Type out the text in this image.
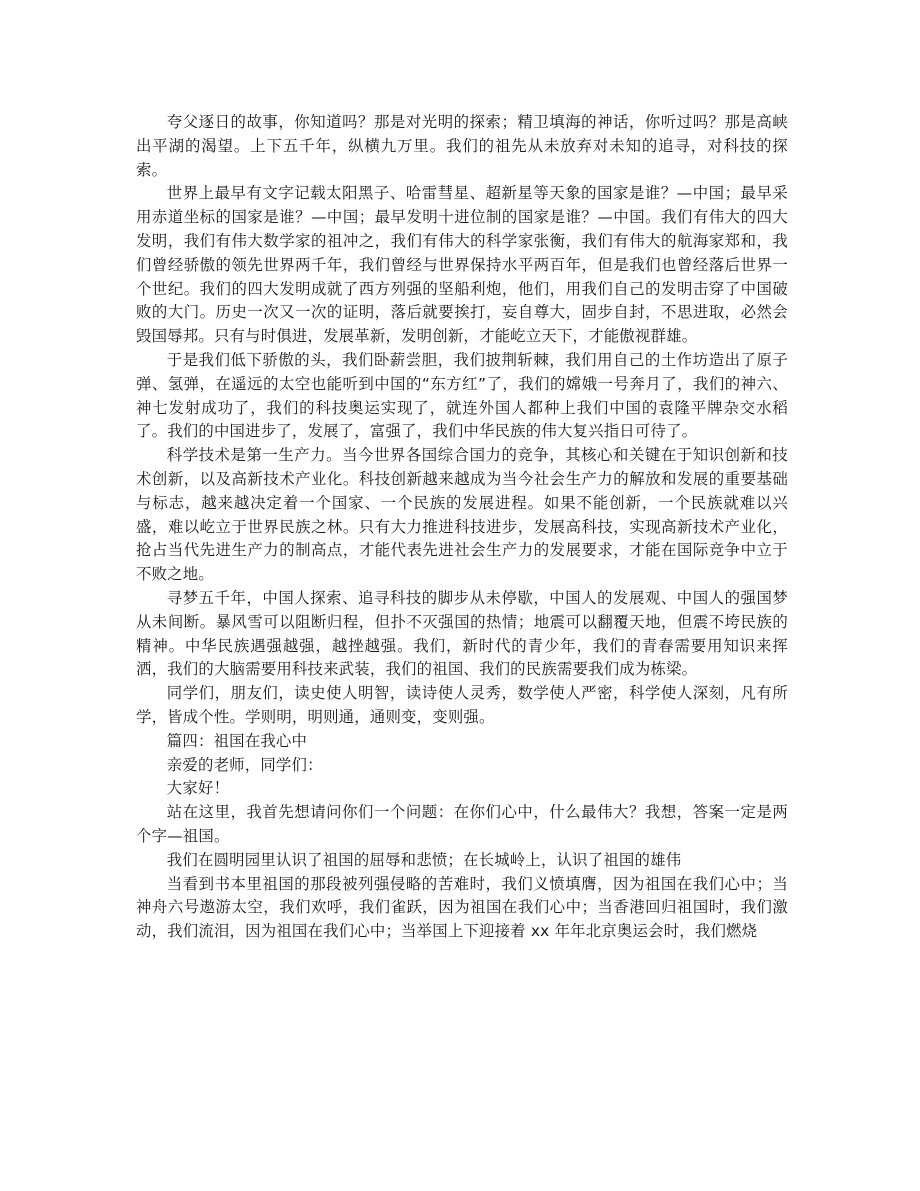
夸父逐日的故事，你知道吗？那是对光明的探索；精卫填海的神话，你听过吗？那是高峡出平湖的渴望。上下五千年，纵横九万里。我们的祖先从未放弃对未知的追寻，对科技的探索。

世界上最早有文字记载太阳黑子、哈雷彗星、超新星等天象的国家是谁？—中国；最早采用赤道坐标的国家是谁？—中国；最早发明十进位制的国家是谁？—中国。我们有伟大的四大发明，我们有伟大数学家的祖冲之，我们有伟大的科学家张衡，我们有伟大的航海家郑和，我们曾经骄傲的领先世界两千年，我们曾经与世界保持水平两百年，但是我们也曾经落后世界一个世纪。我们的四大发明成就了西方列强的坚船利炮，他们，用我们自己的发明击穿了中国破败的大门。历史一次又一次的证明，落后就要挨打，妄自尊大，固步自封，不思进取，必然会毁国辱邦。只有与时俱进，发展革新，发明创新，才能屹立天下，才能傲视群雄。

于是我们低下骄傲的头，我们卧薪尝胆，我们披荆斩棘，我们用自己的土作坊造出了原子弹、氢弹，在遥远的太空也能听到中国的“东方红”了，我们的嫦娥一号奔月了，我们的神六、神七发射成功了，我们的科技奥运实现了，就连外国人都种上我们中国的袁隆平牌杂交水稻了。我们的中国进步了，发展了，富强了，我们中华民族的伟大复兴指日可待了。

科学技术是第一生产力。当今世界各国综合国力的竞争，其核心和关键在于知识创新和技术创新，以及高新技术产业化。科技创新越来越成为当今社会生产力的解放和发展的重要基础与标志，越来越决定着一个国家、一个民族的发展进程。如果不能创新，一个民族就难以兴盛，难以屹立于世界民族之林。只有大力推进科技进步，发展高科技，实现高新技术产业化，抢占当代先进生产力的制高点，才能代表先进社会生产力的发展要求，才能在国际竞争中立于不败之地。

寻梦五千年，中国人探索、追寻科技的脚步从未停歇，中国人的发展观、中国人的强国梦从未间断。暴风雪可以阻断归程，但扑不灭强国的热情；地震可以翻覆天地，但震不垮民族的精神。中华民族遇强越强，越挫越强。我们，新时代的青少年，我们的青春需要用知识来挥洒，我们的大脑需要用科技来武装，我们的祖国、我们的民族需要我们成为栋梁。

同学们，朋友们，读史使人明智，读诗使人灵秀，数学使人严密，科学使人深刻，凡有所学，皆成个性。学则明，明则通，通则变，变则强。

篇四：祖国在我心中

亲爱的老师，同学们：

大家好！

站在这里，我首先想请问你们一个问题：在你们心中，什么最伟大？我想，答案一定是两个字—祖国。

我们在圆明园里认识了祖国的屈辱和悲愤；在长城岭上，认识了祖国的雄伟

当看到书本里祖国的那段被列强侵略的苦难时，我们义愤填膺，因为祖国在我们心中；当神舟六号遨游太空，我们欢呼，我们雀跃，因为祖国在我们心中；当香港回归祖国时，我们激动，我们流泪，因为祖国在我们心中；当举国上下迎接着 xx 年年北京奥运会时，我们燃烧
